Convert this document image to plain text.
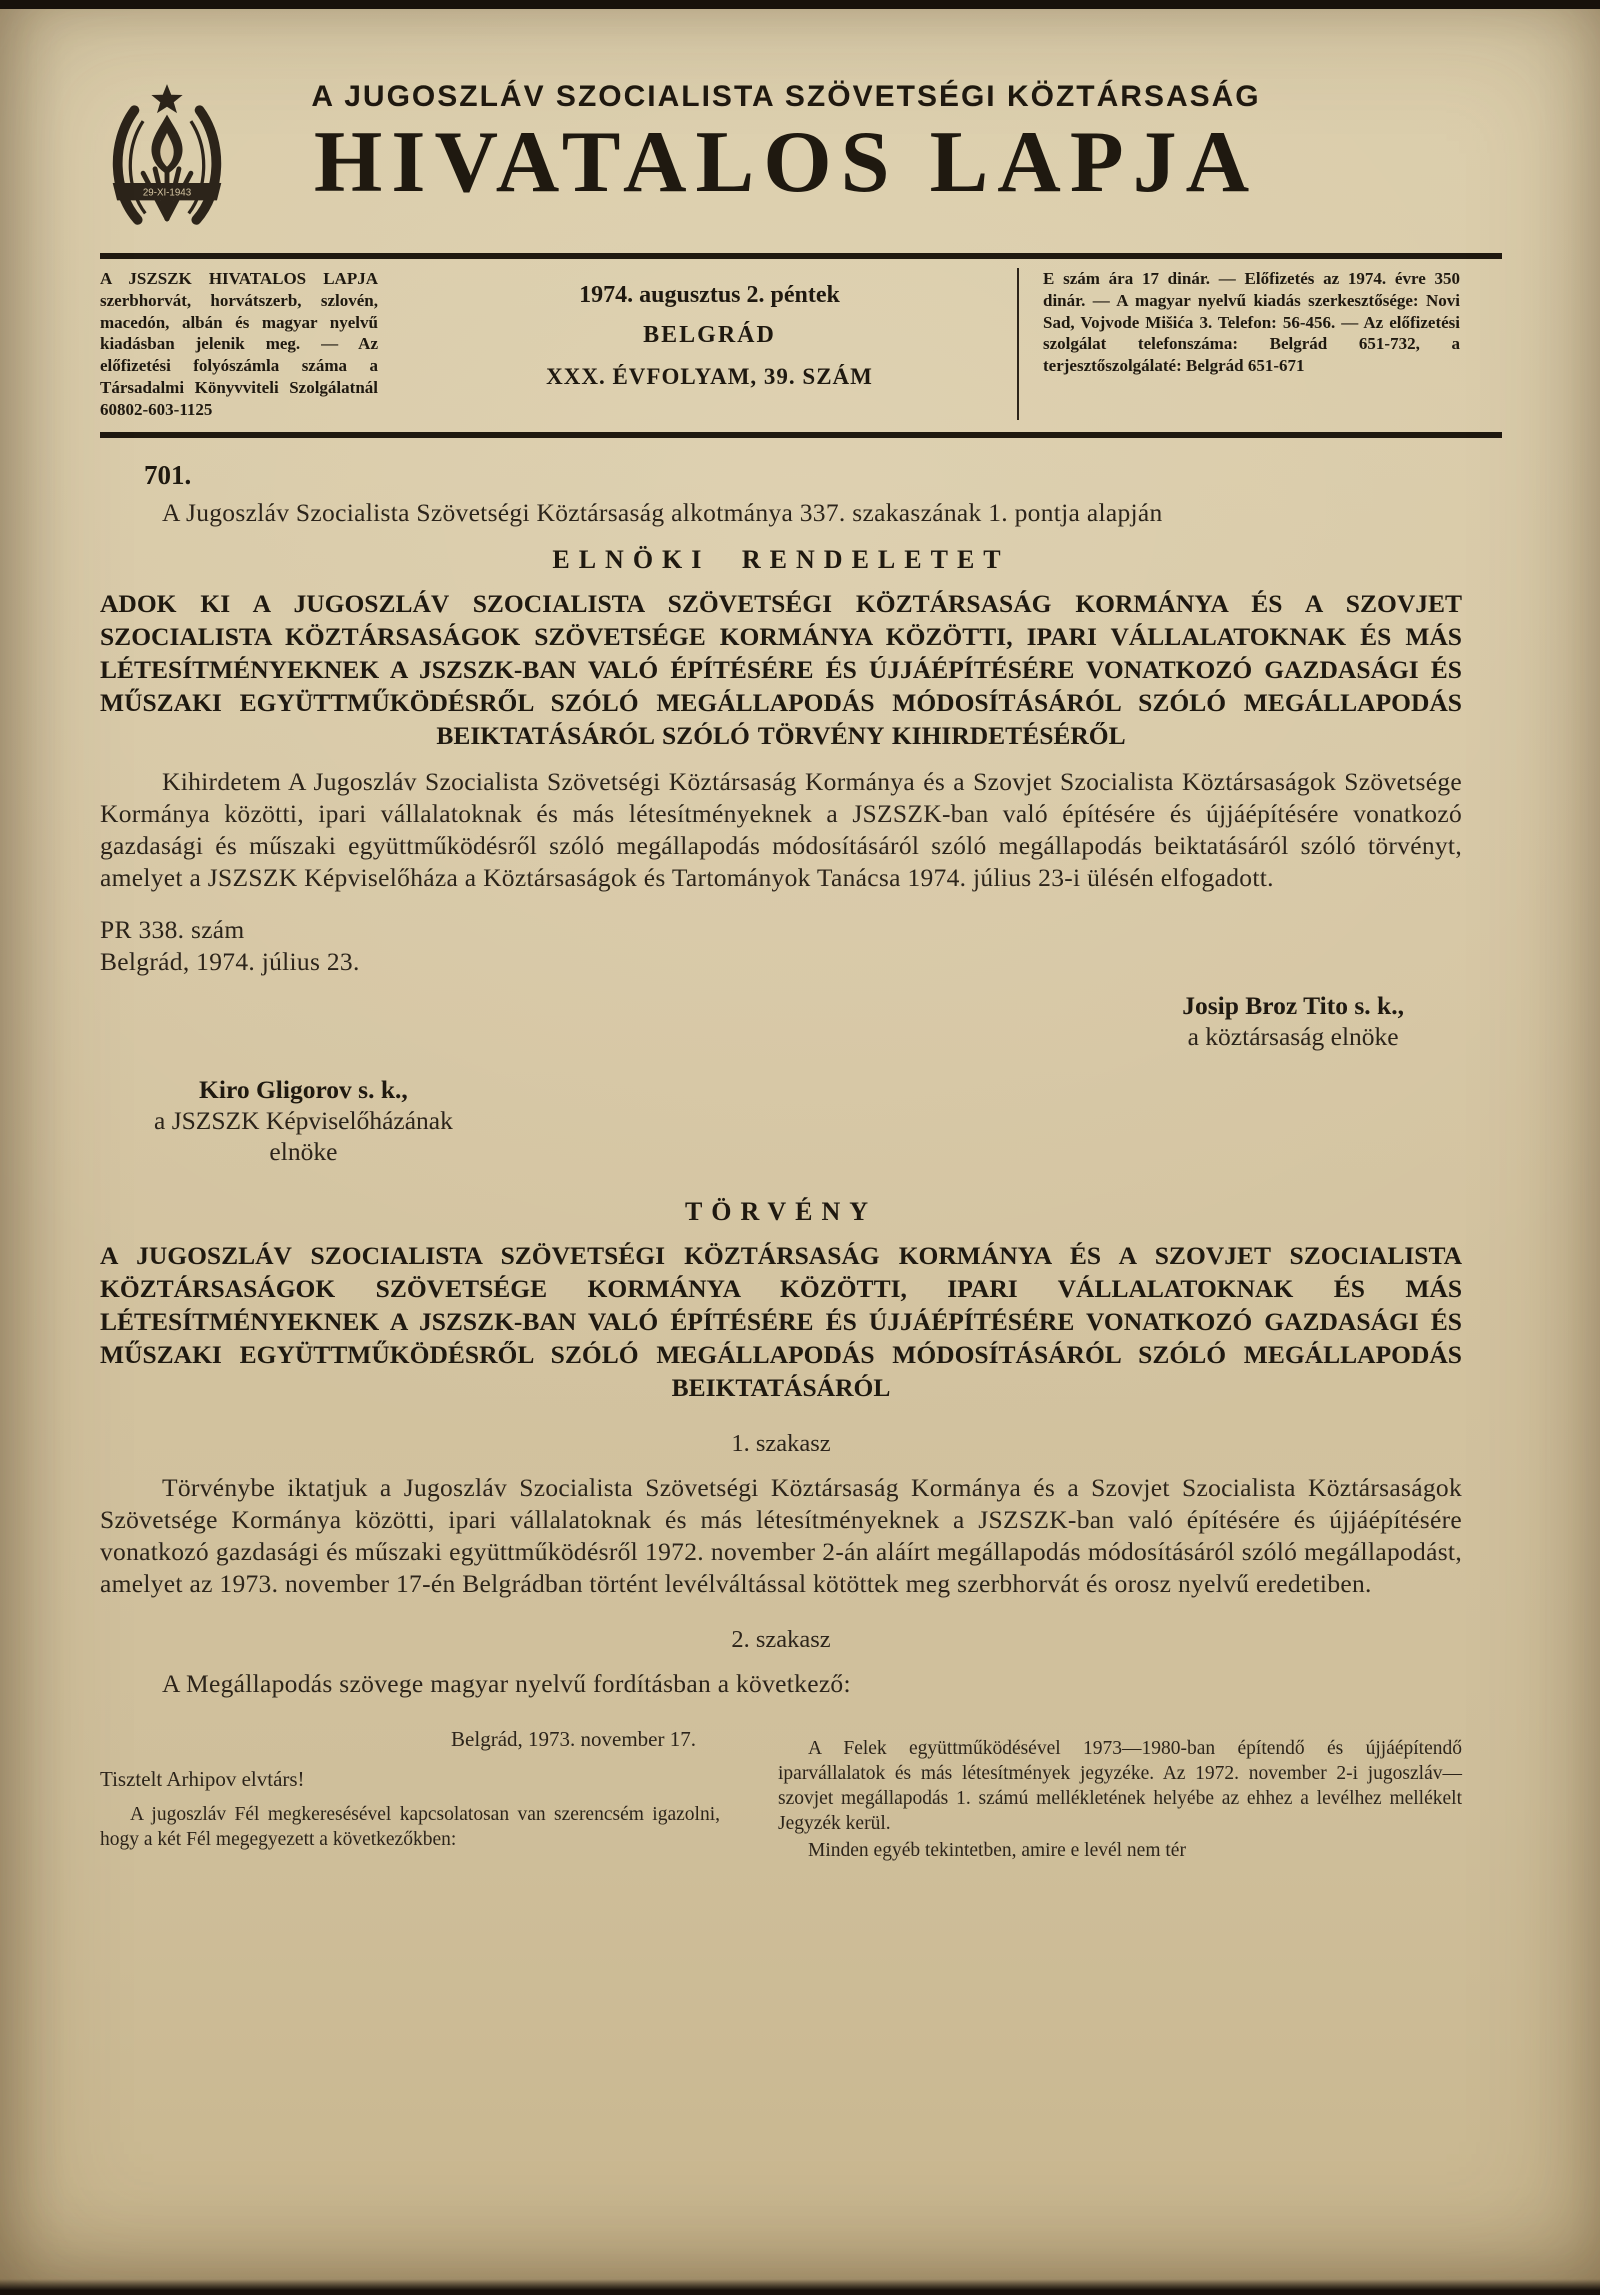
29-XI-1943
A JUGOSZLÁV SZOCIALISTA SZÖVETSÉGI KÖZTÁRSASÁG
HIVATALOS LAPJA
A JSZSZK HIVATALOS LAPJA szerbhorvát, horvátszerb, szlovén, macedón, albán és magyar nyelvű kiadásban jelenik meg. — Az előfizetési folyószámla száma a Társadalmi Könyvviteli Szolgálatnál 60802-603-1125
1974. augusztus 2. péntek
BELGRÁD
XXX. ÉVFOLYAM, 39. SZÁM
E szám ára 17 dinár. — Előfizetés az 1974. évre 350 dinár. — A magyar nyelvű kiadás szerkesztősége: Novi Sad, Vojvode Mišića 3. Telefon: 56-456. — Az előfizetési szolgálat telefonszáma: Belgrád 651-732, a terjesztőszolgálaté: Belgrád 651-671
701.

A Jugoszláv Szocialista Szövetségi Köztársaság alkotmánya 337. szakaszának 1. pontja alapján

ELNÖKI RENDELETET

ADOK KI A JUGOSZLÁV SZOCIALISTA SZÖVETSÉGI KÖZTÁRSASÁG KORMÁNYA ÉS A SZOVJET SZOCIALISTA KÖZTÁRSASÁGOK SZÖVETSÉGE KORMÁNYA KÖZÖTTI, IPARI VÁLLALATOKNAK ÉS MÁS LÉTESÍTMÉNYEKNEK A JSZSZK-BAN VALÓ ÉPÍTÉSÉRE ÉS ÚJJÁÉPÍTÉSÉRE VONATKOZÓ GAZDASÁGI ÉS MŰSZAKI EGYÜTTMŰKÖDÉSRŐL SZÓLÓ MEGÁLLAPODÁS MÓDOSÍTÁSÁRÓL SZÓLÓ MEGÁLLAPODÁS BEIKTATÁSÁRÓL SZÓLÓ TÖRVÉNY KIHIRDETÉSÉRŐL

Kihirdetem A Jugoszláv Szocialista Szövetségi Köztársaság Kormánya és a Szovjet Szocialista Köztársaságok Szövetsége Kormánya közötti, ipari vállalatoknak és más létesítményeknek a JSZSZK-ban való építésére és újjáépítésére vonatkozó gazdasági és műszaki együttműködésről szóló megállapodás módosításáról szóló megállapodás beiktatásáról szóló törvényt, amelyet a JSZSZK Képviselőháza a Köztársaságok és Tartományok Tanácsa 1974. július 23-i ülésén elfogadott.

PR 338. szám

Belgrád, 1974. július 23.

Josip Broz Tito s. k.,
a köztársaság elnöke
Kiro Gligorov s. k.,
a JSZSZK Képviselőházának
elnöke
TÖRVÉNY

A JUGOSZLÁV SZOCIALISTA SZÖVETSÉGI KÖZTÁRSASÁG KORMÁNYA ÉS A SZOVJET SZOCIALISTA KÖZTÁRSASÁGOK SZÖVETSÉGE KORMÁNYA KÖZÖTTI, IPARI VÁLLALATOKNAK ÉS MÁS LÉTESÍTMÉNYEKNEK A JSZSZK-BAN VALÓ ÉPÍTÉSÉRE ÉS ÚJJÁÉPÍTÉSÉRE VONATKOZÓ GAZDASÁGI ÉS MŰSZAKI EGYÜTTMŰKÖDÉSRŐL SZÓLÓ MEGÁLLAPODÁS MÓDOSÍTÁSÁRÓL SZÓLÓ MEGÁLLAPODÁS BEIKTATÁSÁRÓL

1. szakasz

Törvénybe iktatjuk a Jugoszláv Szocialista Szövetségi Köztársaság Kormánya és a Szovjet Szocialista Köztársaságok Szövetsége Kormánya közötti, ipari vállalatoknak és más létesítményeknek a JSZSZK-ban való építésére és újjáépítésére vonatkozó gazdasági és műszaki együttműködésről 1972. november 2-án aláírt megállapodás módosításáról szóló megállapodást, amelyet az 1973. november 17-én Belgrádban történt levélváltással kötöttek meg szerbhorvát és orosz nyelvű eredetiben.

2. szakasz

A Megállapodás szövege magyar nyelvű fordításban a következő:

Belgrád, 1973. november 17.
Tisztelt Arhipov elvtárs!

A jugoszláv Fél megkeresésével kapcsolatosan van szerencsém igazolni, hogy a két Fél megegyezett a következőkben:

A Felek együttműködésével 1973—1980-ban építendő és újjáépítendő iparvállalatok és más létesítmények jegyzéke. Az 1972. november 2-i jugoszláv—szovjet megállapodás 1. számú mellékletének helyébe az ehhez a levélhez mellékelt Jegyzék kerül.

Minden egyéb tekintetben, amire e levél nem tér
